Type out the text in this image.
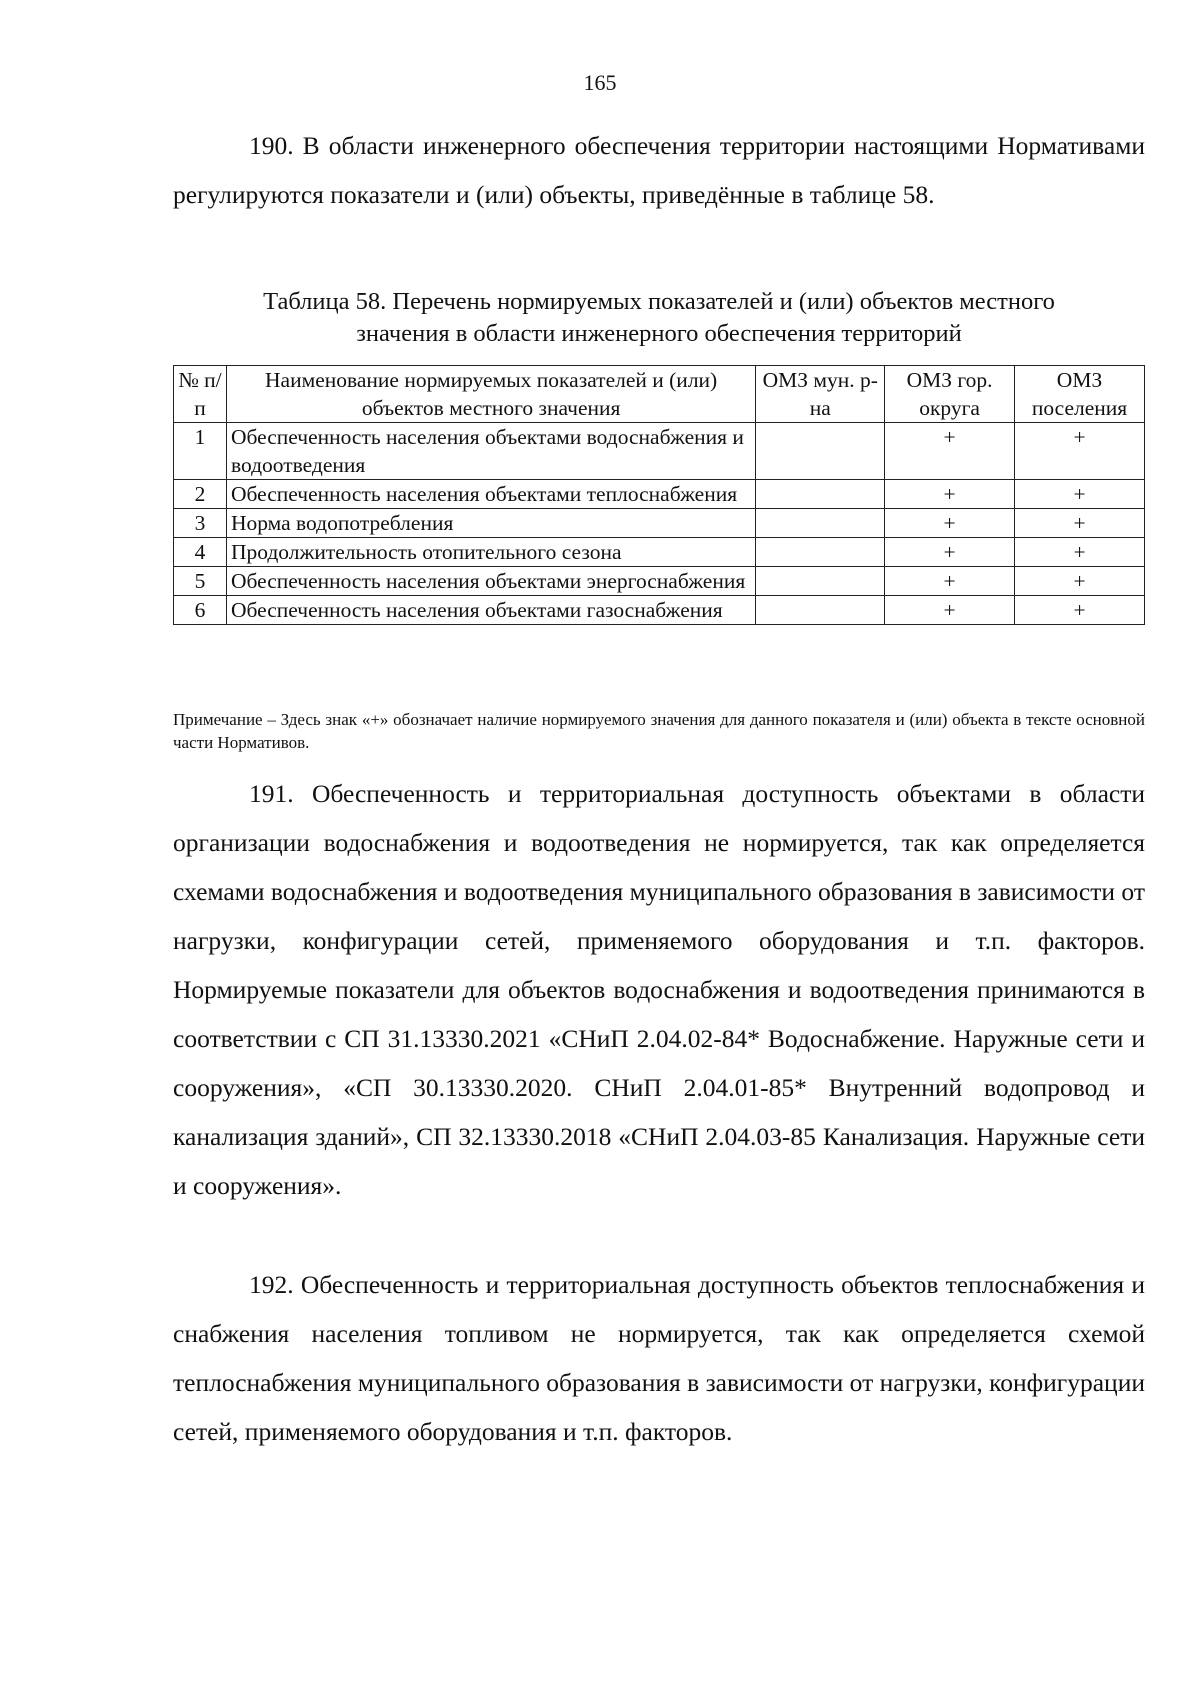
165

190. В области инженерного обеспечения территории настоящими Нормативами регулируются показатели и (или) объекты, приведённые в таблице 58.

Таблица 58. Перечень нормируемых показателей и (или) объектов местного
значения в области инженерного обеспечения территорий
№ п/п	Наименование нормируемых показателей и (или) объектов местного значения	ОМЗ мун. р-на	ОМЗ гор. округа	ОМЗ поселения
1	Обеспеченность населения объектами водоснабжения и водоотведения		+	+
2	Обеспеченность населения объектами теплоснабжения		+	+
3	Норма водопотребления		+	+
4	Продолжительность отопительного сезона		+	+
5	Обеспеченность населения объектами энергоснабжения		+	+
6	Обеспеченность населения объектами газоснабжения		+	+
Примечание – Здесь знак «+» обозначает наличие нормируемого значения для данного показателя и (или) объекта в тексте основной части Нормативов.

191. Обеспеченность и территориальная доступность объектами в области организации водоснабжения и водоотведения не нормируется, так как определяется схемами водоснабжения и водоотведения муниципального образования в зависимости от нагрузки, конфигурации сетей, применяемого оборудования и т.п. факторов. Нормируемые показатели для объектов водоснабжения и водоотведения принимаются в соответствии с СП 31.13330.2021 «СНиП 2.04.02-84* Водоснабжение. Наружные сети и сооружения», «СП 30.13330.2020. СНиП 2.04.01-85* Внутренний водопровод и канализация зданий», СП 32.13330.2018 «СНиП 2.04.03-85 Канализация. Наружные сети и сооружения».

192. Обеспеченность и территориальная доступность объектов теплоснабжения и снабжения населения топливом не нормируется, так как определяется схемой теплоснабжения муниципального образования в зависимости от нагрузки, конфигурации сетей, применяемого оборудования и т.п. факторов.
